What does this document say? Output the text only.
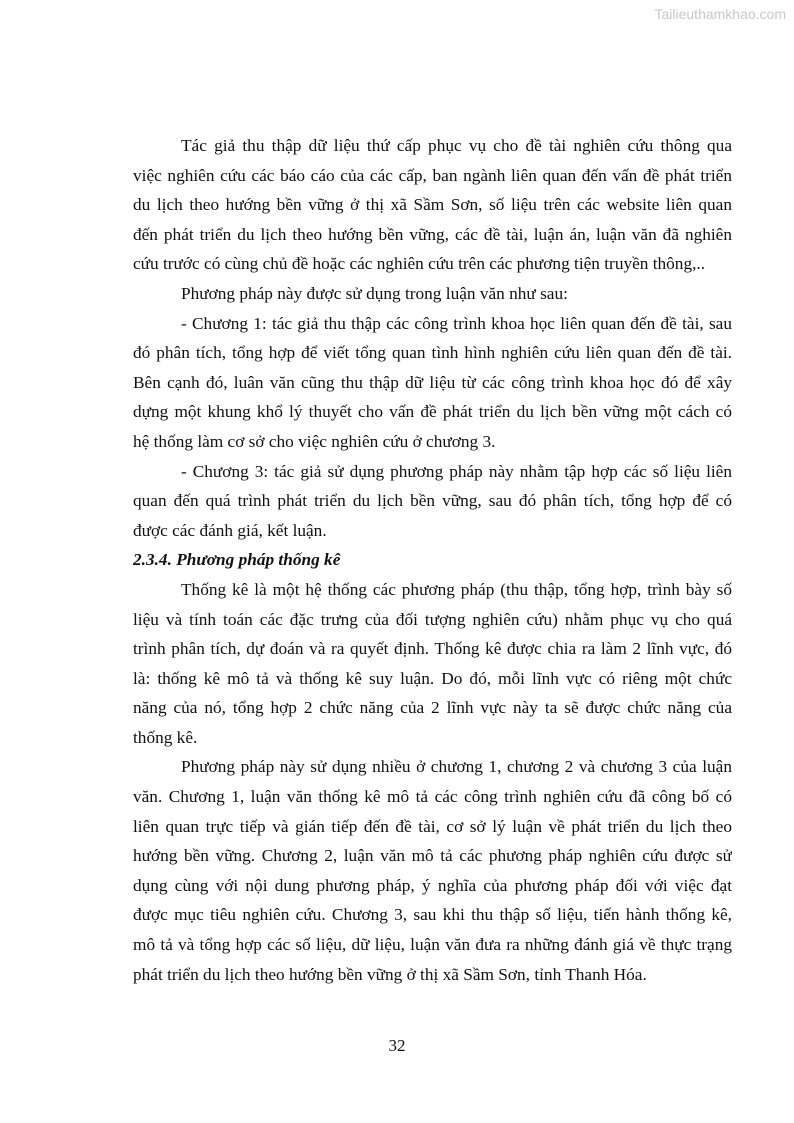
Tailieuthamkhao.com
Tác giả thu thập dữ liệu thứ cấp phục vụ cho đề tài nghiên cứu thông qua
việc nghiên cứu các báo cáo của các cấp, ban ngành liên quan đến vấn đề phát triển
du lịch theo hướng bền vững ở thị xã Sầm Sơn, số liệu trên các website liên quan
đến phát triển du lịch theo hướng bền vững, các đề tài, luận án, luận văn đã nghiên
cứu trước có cùng chủ đề hoặc các nghiên cứu trên các phương tiện truyền thông,..
Phương pháp này được sử dụng trong luận văn như sau:
- Chương 1: tác giả thu thập các công trình khoa học liên quan đến đề tài, sau
đó phân tích, tổng hợp để viết tổng quan tình hình nghiên cứu liên quan đến đề tài.
Bên cạnh đó, luân văn cũng thu thập dữ liệu từ các công trình khoa học đó để xây
dựng một khung khổ lý thuyết cho vấn đề phát triển du lịch bền vững một cách có
hệ thống làm cơ sở cho việc nghiên cứu ở chương 3.
- Chương 3: tác giả sử dụng phương pháp này nhằm tập hợp các số liệu liên
quan đến quá trình phát triển du lịch bền vững, sau đó phân tích, tổng hợp để có
được các đánh giá, kết luận.
2.3.4. Phương pháp thống kê
Thống kê là một hệ thống các phương pháp (thu thập, tổng hợp, trình bày số
liệu và tính toán các đặc trưng của đối tượng nghiên cứu) nhằm phục vụ cho quá
trình phân tích, dự đoán và ra quyết định. Thống kê được chia ra làm 2 lĩnh vực, đó
là: thống kê mô tả và thống kê suy luận. Do đó, mỗi lĩnh vực có riêng một chức
năng của nó, tổng hợp 2 chức năng của 2 lĩnh vực này ta sẽ được chức năng của
thống kê.
Phương pháp này sử dụng nhiều ở chương 1, chương 2 và chương 3 của luận
văn. Chương 1, luận văn thống kê mô tả các công trình nghiên cứu đã công bố có
liên quan trực tiếp và gián tiếp đến đề tài, cơ sở lý luận về phát triển du lịch theo
hướng bền vững. Chương 2, luận văn mô tả các phương pháp nghiên cứu được sử
dụng cùng với nội dung phương pháp, ý nghĩa của phương pháp đối với việc đạt
được mục tiêu nghiên cứu. Chương 3, sau khi thu thập số liệu, tiến hành thống kê,
mô tả và tổng hợp các số liệu, dữ liệu, luận văn đưa ra những đánh giá về thực trạng
phát triển du lịch theo hướng bền vững ở thị xã Sầm Sơn, tỉnh Thanh Hóa.
32
